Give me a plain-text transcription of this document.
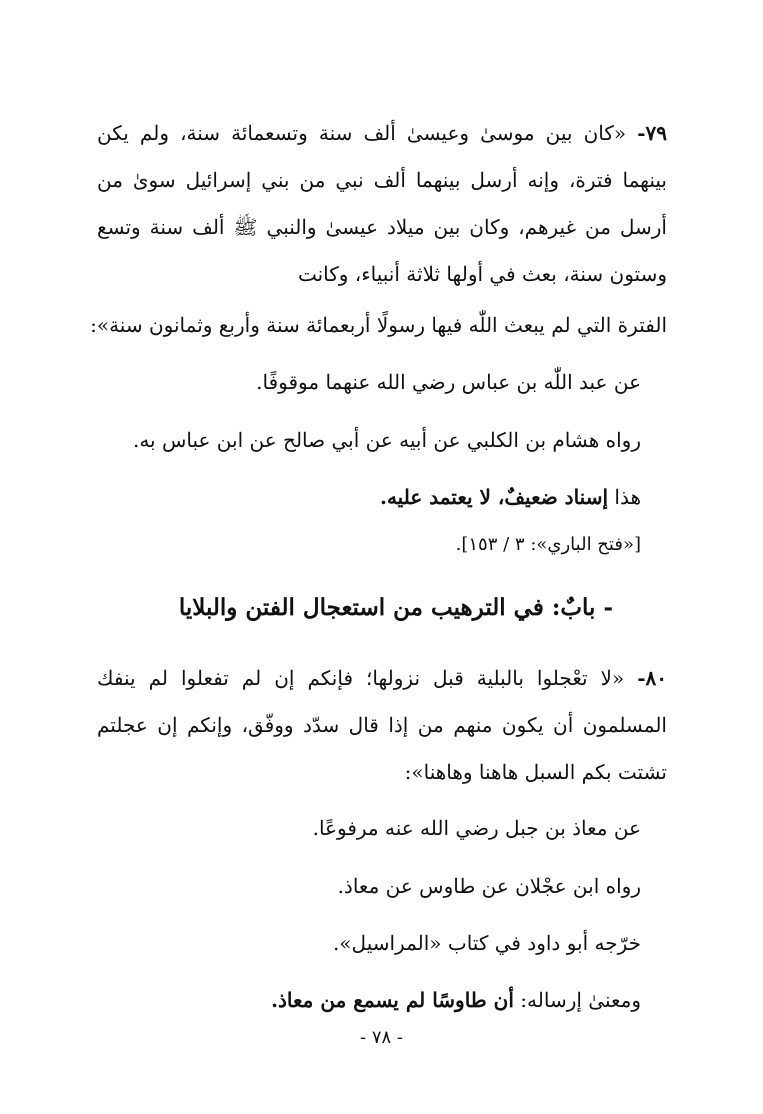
٧٩- «كان بين موسىٰ وعيسىٰ ألف سنة وتسعمائة سنة، ولم يكن بينهما فترة، وإنه أرسل بينهما ألف نبي من بني إسرائيل سوىٰ من أرسل من غيرهم، وكان بين ميلاد عيسىٰ والنبي ﷺ ألف سنة وتسع وستون سنة، بعث في أولها ثلاثة أنبياء، وكانت
الفترة التي لم يبعث اللّٰه فيها رسولًا أربعمائة سنة وأربع وثمانون سنة»:
عن عبد اللّٰه بن عباس رضي الله عنهما موقوفًا.
رواه هشام بن الكلبي عن أبيه عن أبي صالح عن ابن عباس به.
هذا إسناد ضعيفٌ، لا يعتمد عليه.
[«فتح الباري»: ٣ / ١٥٣].
- بابٌ: في الترهيب من استعجال الفتن والبلايا
٨٠- «لا تعْجلوا بالبلية قبل نزولها؛ فإنكم إن لم تفعلوا لم ينفك المسلمون أن يكون منهم من إذا قال سدّد ووفّق، وإنكم إن عجلتم تشتت بكم السبل هاهنا وهاهنا»:
عن معاذ بن جبل رضي الله عنه مرفوعًا.
رواه ابن عجْلان عن طاوس عن معاذ.
خرّجه أبو داود في كتاب «المراسيل».
ومعنىٰ إرساله: أن طاوسًا لم يسمع من معاذ.
- ٧٨ -
